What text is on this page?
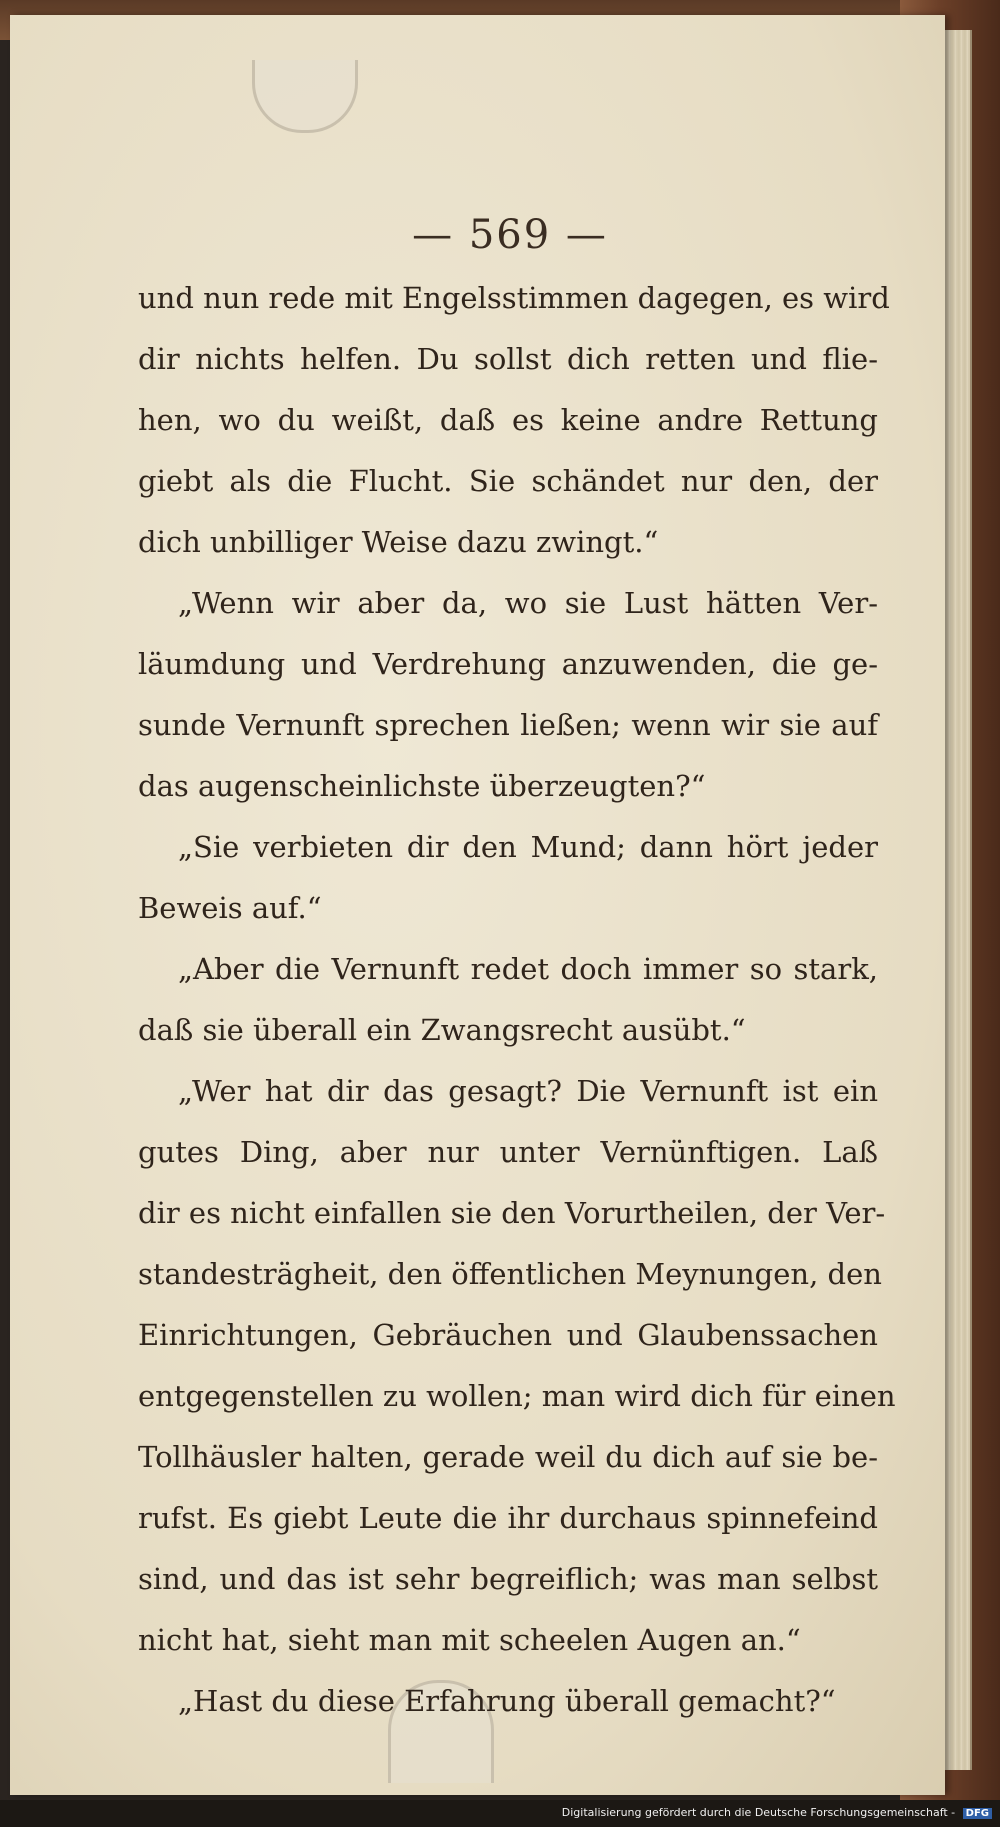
— 569 —
und nun rede mit Engelsstimmen dagegen, es wird
dir nichts helfen. Du sollst dich retten und flie-
hen, wo du weißt, daß es keine andre Rettung
giebt als die Flucht. Sie schändet nur den, der
dich unbilliger Weise dazu zwingt.“
„Wenn wir aber da, wo sie Lust hätten Ver-
läumdung und Verdrehung anzuwenden, die ge-
sunde Vernunft sprechen ließen; wenn wir sie auf
das augenscheinlichste überzeugten?“
„Sie verbieten dir den Mund; dann hört jeder
Beweis auf.“
„Aber die Vernunft redet doch immer so stark,
daß sie überall ein Zwangsrecht ausübt.“
„Wer hat dir das gesagt? Die Vernunft ist ein
gutes Ding, aber nur unter Vernünftigen. Laß
dir es nicht einfallen sie den Vorurtheilen, der Ver-
standesträgheit, den öffentlichen Meynungen, den
Einrichtungen, Gebräuchen und Glaubenssachen
entgegenstellen zu wollen; man wird dich für einen
Tollhäusler halten, gerade weil du dich auf sie be-
rufst. Es giebt Leute die ihr durchaus spinnefeind
sind, und das ist sehr begreiflich; was man selbst
nicht hat, sieht man mit scheelen Augen an.“
„Hast du diese Erfahrung überall gemacht?“
Digitalisierung gefördert durch die Deutsche Forschungsgemeinschaft - DFG
